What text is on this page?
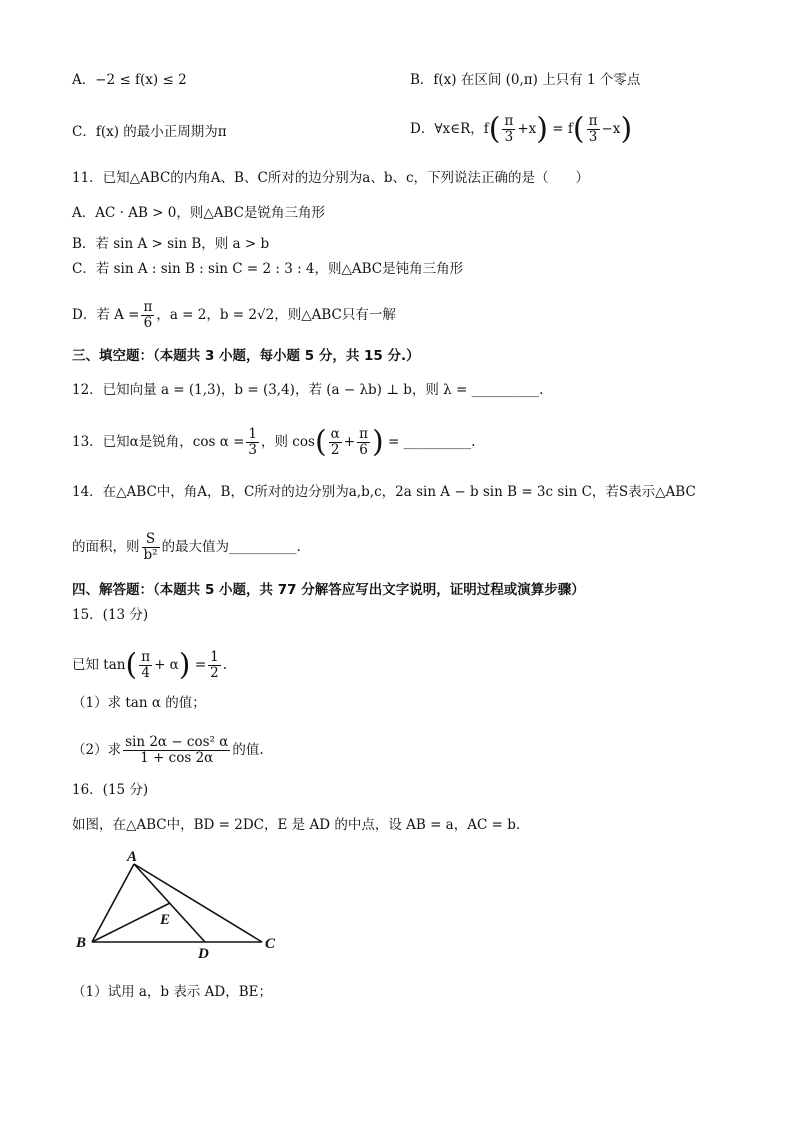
A．−2 ≤ f(x) ≤ 2	B．f(x) 在区间 (0,π) 上只有 1 个零点
C．f(x) 的最小正周期为π	D．∀x∈R，$f( \frac{\pi}{3} +x) = f( \frac{\pi}{3} -x)$
11．已知△ABC的内角A、B、C所对的边分别为a、b、c，下列说法正确的是（　　）
A．AC · AB > 0，则△ABC是锐角三角形
B．若 sin A > sin B，则 a > b
C．若 sin A : sin B : sin C = 2 : 3 : 4，则△ABC是钝角三角形
D．若 $A = \frac{\pi}{6}$ ，a = 2，b = 2√2，则△ABC只有一解
三、填空题：（本题共 3 小题，每小题 5 分，共 15 分.）
12．已知向量 a = (1,3)，b = (3,4)，若 (a − λb) ⊥ b，则 λ = __________.
13．已知α是锐角，$\cos \alpha = \frac{1}{3}$ ，则 $\cos( \frac{\alpha}{2} + \frac{\pi}{6}$ ) = __________.
14．在△ABC中，角A，B，C所对的边分别为a,b,c，2a sin A − b sin B = 3c sin C，若S表示△ABC
的面积，则 $\frac{S}{\text{b²}}$ 的最大值为__________.
四、解答题：（本题共 5 小题，共 77 分解答应写出文字说明，证明过程或演算步骤）
15．(13 分)
已知 $\tan( \frac{\pi}{4} + \alpha) = \frac{1}{2}$ .
（1）求 tan α 的值；
（2）求 $\frac{\text{sin 2α − cos² α}}{1 + \cos 2\alpha}$ 的值.
16．(15 分)
如图，在△ABC中，BD = 2DC，E 是 AD 的中点，设 AB = a，AC = b.
A
B	C
D
E
（1）试用 a，b 表示 AD，BE；
